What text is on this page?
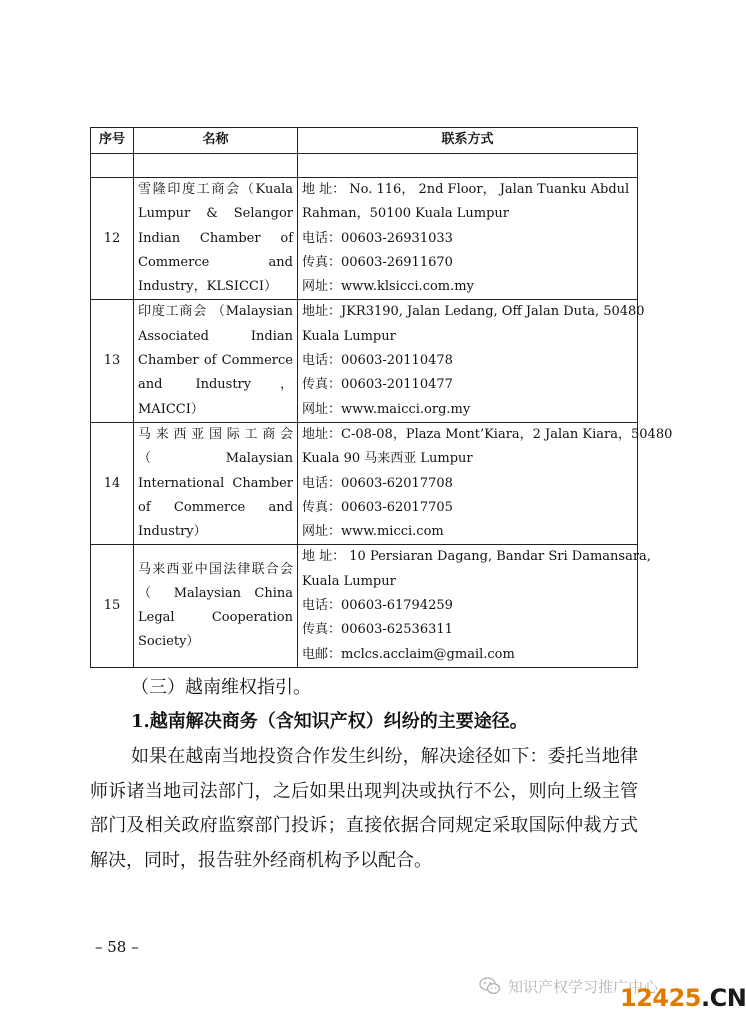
序号	名称	联系方式

12	雪隆印度工商会（Kuala Lumpur & Selangor Indian Chamber of Commerce and Industry，KLSICCI）	地 址： No. 116， 2nd Floor， Jalan Tuanku Abdul
Rahman，50100 Kuala Lumpur
电话：00603-26931033
传真：00603-26911670
网址：www.klsicci.com.my

13	印度工商会 （Malaysian Associated Indian Chamber of Commerce and Industry，MAICCI）	地址：JKR3190, Jalan Ledang, Off Jalan Duta, 50480
Kuala Lumpur
电话：00603-20110478
传真：00603-20110477
网址：www.maicci.org.my

14	马来西亚国际工商会（Malaysian International Chamber of Commerce and Industry）	地址：C-08-08，Plaza Mont’Kiara，2 Jalan Kiara，50480
Kuala 90 马来西亚 Lumpur
电话：00603-62017708
传真：00603-62017705
网址：www.micci.com

15	马来西亚中国法律联合会 （ Malaysian China Legal Cooperation Society）	地 址： 10 Persiaran Dagang, Bandar Sri Damansara,
Kuala Lumpur
电话：00603-61794259
传真：00603-62536311
电邮：mclcs.acclaim@gmail.com
（三）越南维权指引。
1.越南解决商务（含知识产权）纠纷的主要途径。
如果在越南当地投资合作发生纠纷，解决途径如下：委托当地律师诉诸当地司法部门，之后如果出现判决或执行不公，则向上级主管部门及相关政府监察部门投诉；直接依据合同规定采取国际仲裁方式解决，同时，报告驻外经商机构予以配合。
– 58 –
知识产权学习推广中心
12425.CN
